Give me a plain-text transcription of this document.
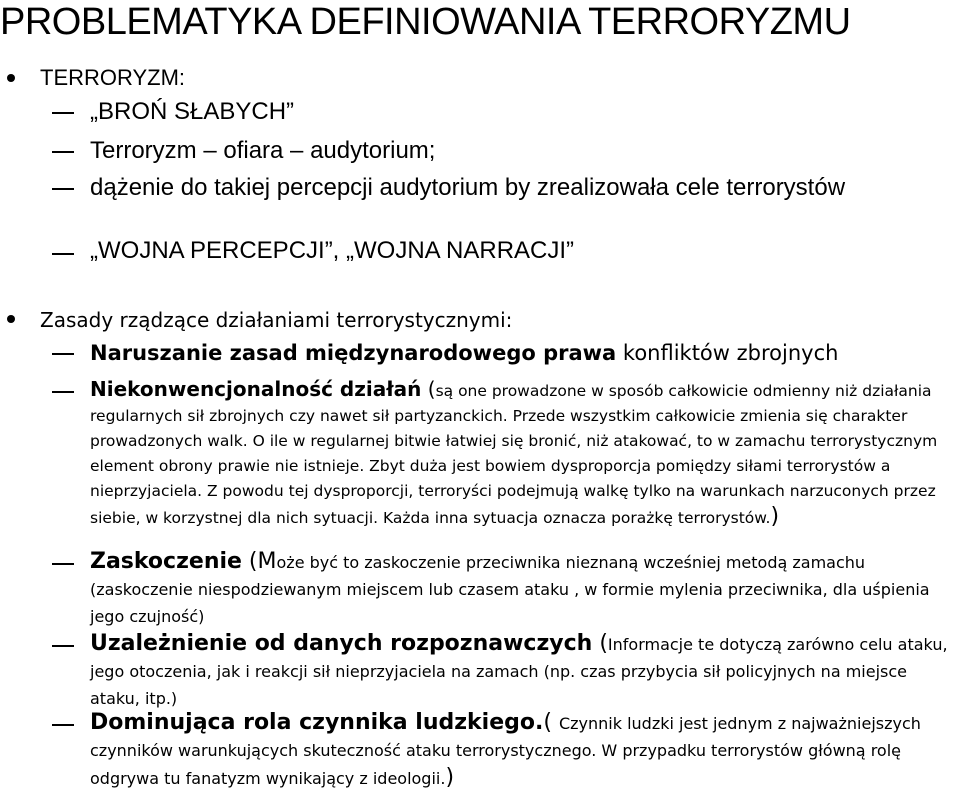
PROBLEMATYKA DEFINIOWANIA TERRORYZMU
TERRORYZM:
„BROŃ SŁABYCH”
Terroryzm – ofiara – audytorium;
dążenie do takiej percepcji audytorium by zrealizowała cele terrorystów
„WOJNA PERCEPCJI”, „WOJNA NARRACJI”
Zasady rządzące działaniami terrorystycznymi:
Naruszanie zasad międzynarodowego prawa konfliktów zbrojnych
Niekonwencjonalność działań (są one prowadzone w sposób całkowicie odmienny niż działania regularnych sił zbrojnych czy nawet sił partyzanckich. Przede wszystkim całkowicie zmienia się charakter prowadzonych walk. O ile w regularnej bitwie łatwiej się bronić, niż atakować, to w zamachu terrorystycznym element obrony prawie nie istnieje. Zbyt duża jest bowiem dysproporcja pomiędzy siłami terrorystów a nieprzyjaciela. Z powodu tej dysproporcji, terroryści podejmują walkę tylko na warunkach narzuconych przez siebie, w korzystnej dla nich sytuacji. Każda inna sytuacja oznacza porażkę terrorystów.)
Zaskoczenie (Może być to zaskoczenie przeciwnika nieznaną wcześniej metodą zamachu
(zaskoczenie niespodziewanym miejscem lub czasem ataku , w formie mylenia przeciwnika, dla uśpienia jego czujność)
Uzależnienie od danych rozpoznawczych (Informacje te dotyczą zarówno celu ataku, jego otoczenia, jak i reakcji sił nieprzyjaciela na zamach (np. czas przybycia sił policyjnych na miejsce ataku, itp.)
Dominująca rola czynnika ludzkiego.( Czynnik ludzki jest jednym z najważniejszych czynników warunkujących skuteczność ataku terrorystycznego. W przypadku terrorystów główną rolę odgrywa tu fanatyzm wynikający z ideologii.)
